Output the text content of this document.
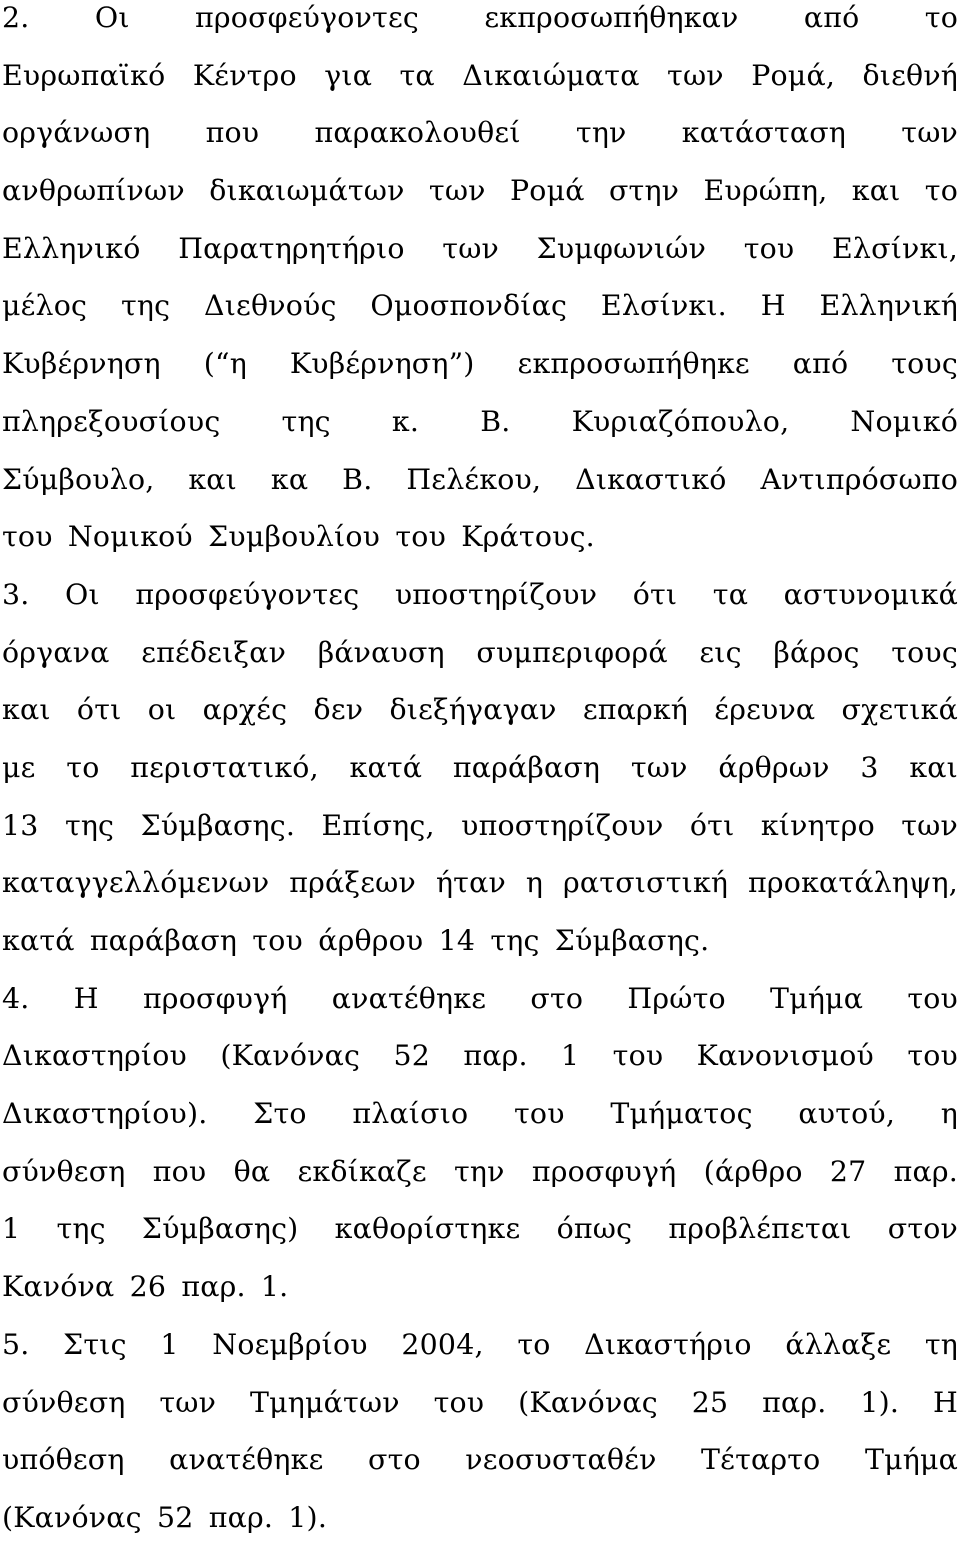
2. Οι προσφεύγοντες εκπροσωπήθηκαν από το
Ευρωπαϊκό Κέντρο για τα Δικαιώματα των Ρομά, διεθνή
οργάνωση που παρακολουθεί την κατάσταση των
ανθρωπίνων δικαιωμάτων των Ρομά στην Ευρώπη, και το
Ελληνικό Παρατηρητήριο των Συμφωνιών του Ελσίνκι,
μέλος της Διεθνούς Ομοσπονδίας Ελσίνκι. Η Ελληνική
Κυβέρνηση (“η Κυβέρνηση”) εκπροσωπήθηκε από τους
πληρεξουσίους της κ. Β. Κυριαζόπουλο, Νομικό
Σύμβουλο, και κα Β. Πελέκου, Δικαστικό Αντιπρόσωπο
του Νομικού Συμβουλίου του Κράτους.
3. Οι προσφεύγοντες υποστηρίζουν ότι τα αστυνομικά
όργανα επέδειξαν βάναυση συμπεριφορά εις βάρος τους
και ότι οι αρχές δεν διεξήγαγαν επαρκή έρευνα σχετικά
με το περιστατικό, κατά παράβαση των άρθρων 3 και
13 της Σύμβασης. Επίσης, υποστηρίζουν ότι κίνητρο των
καταγγελλόμενων πράξεων ήταν η ρατσιστική προκατάληψη,
κατά παράβαση του άρθρου 14 της Σύμβασης.
4. Η προσφυγή ανατέθηκε στο Πρώτο Τμήμα του
Δικαστηρίου (Κανόνας 52 παρ. 1 του Κανονισμού του
Δικαστηρίου). Στο πλαίσιο του Τμήματος αυτού, η
σύνθεση που θα εκδίκαζε την προσφυγή (άρθρο 27 παρ.
1 της Σύμβασης) καθορίστηκε όπως προβλέπεται στον
Κανόνα 26 παρ. 1.
5. Στις 1 Νοεμβρίου 2004, το Δικαστήριο άλλαξε τη
σύνθεση των Τμημάτων του (Κανόνας 25 παρ. 1). Η
υπόθεση ανατέθηκε στο νεοσυσταθέν Τέταρτο Τμήμα
(Κανόνας 52 παρ. 1).
